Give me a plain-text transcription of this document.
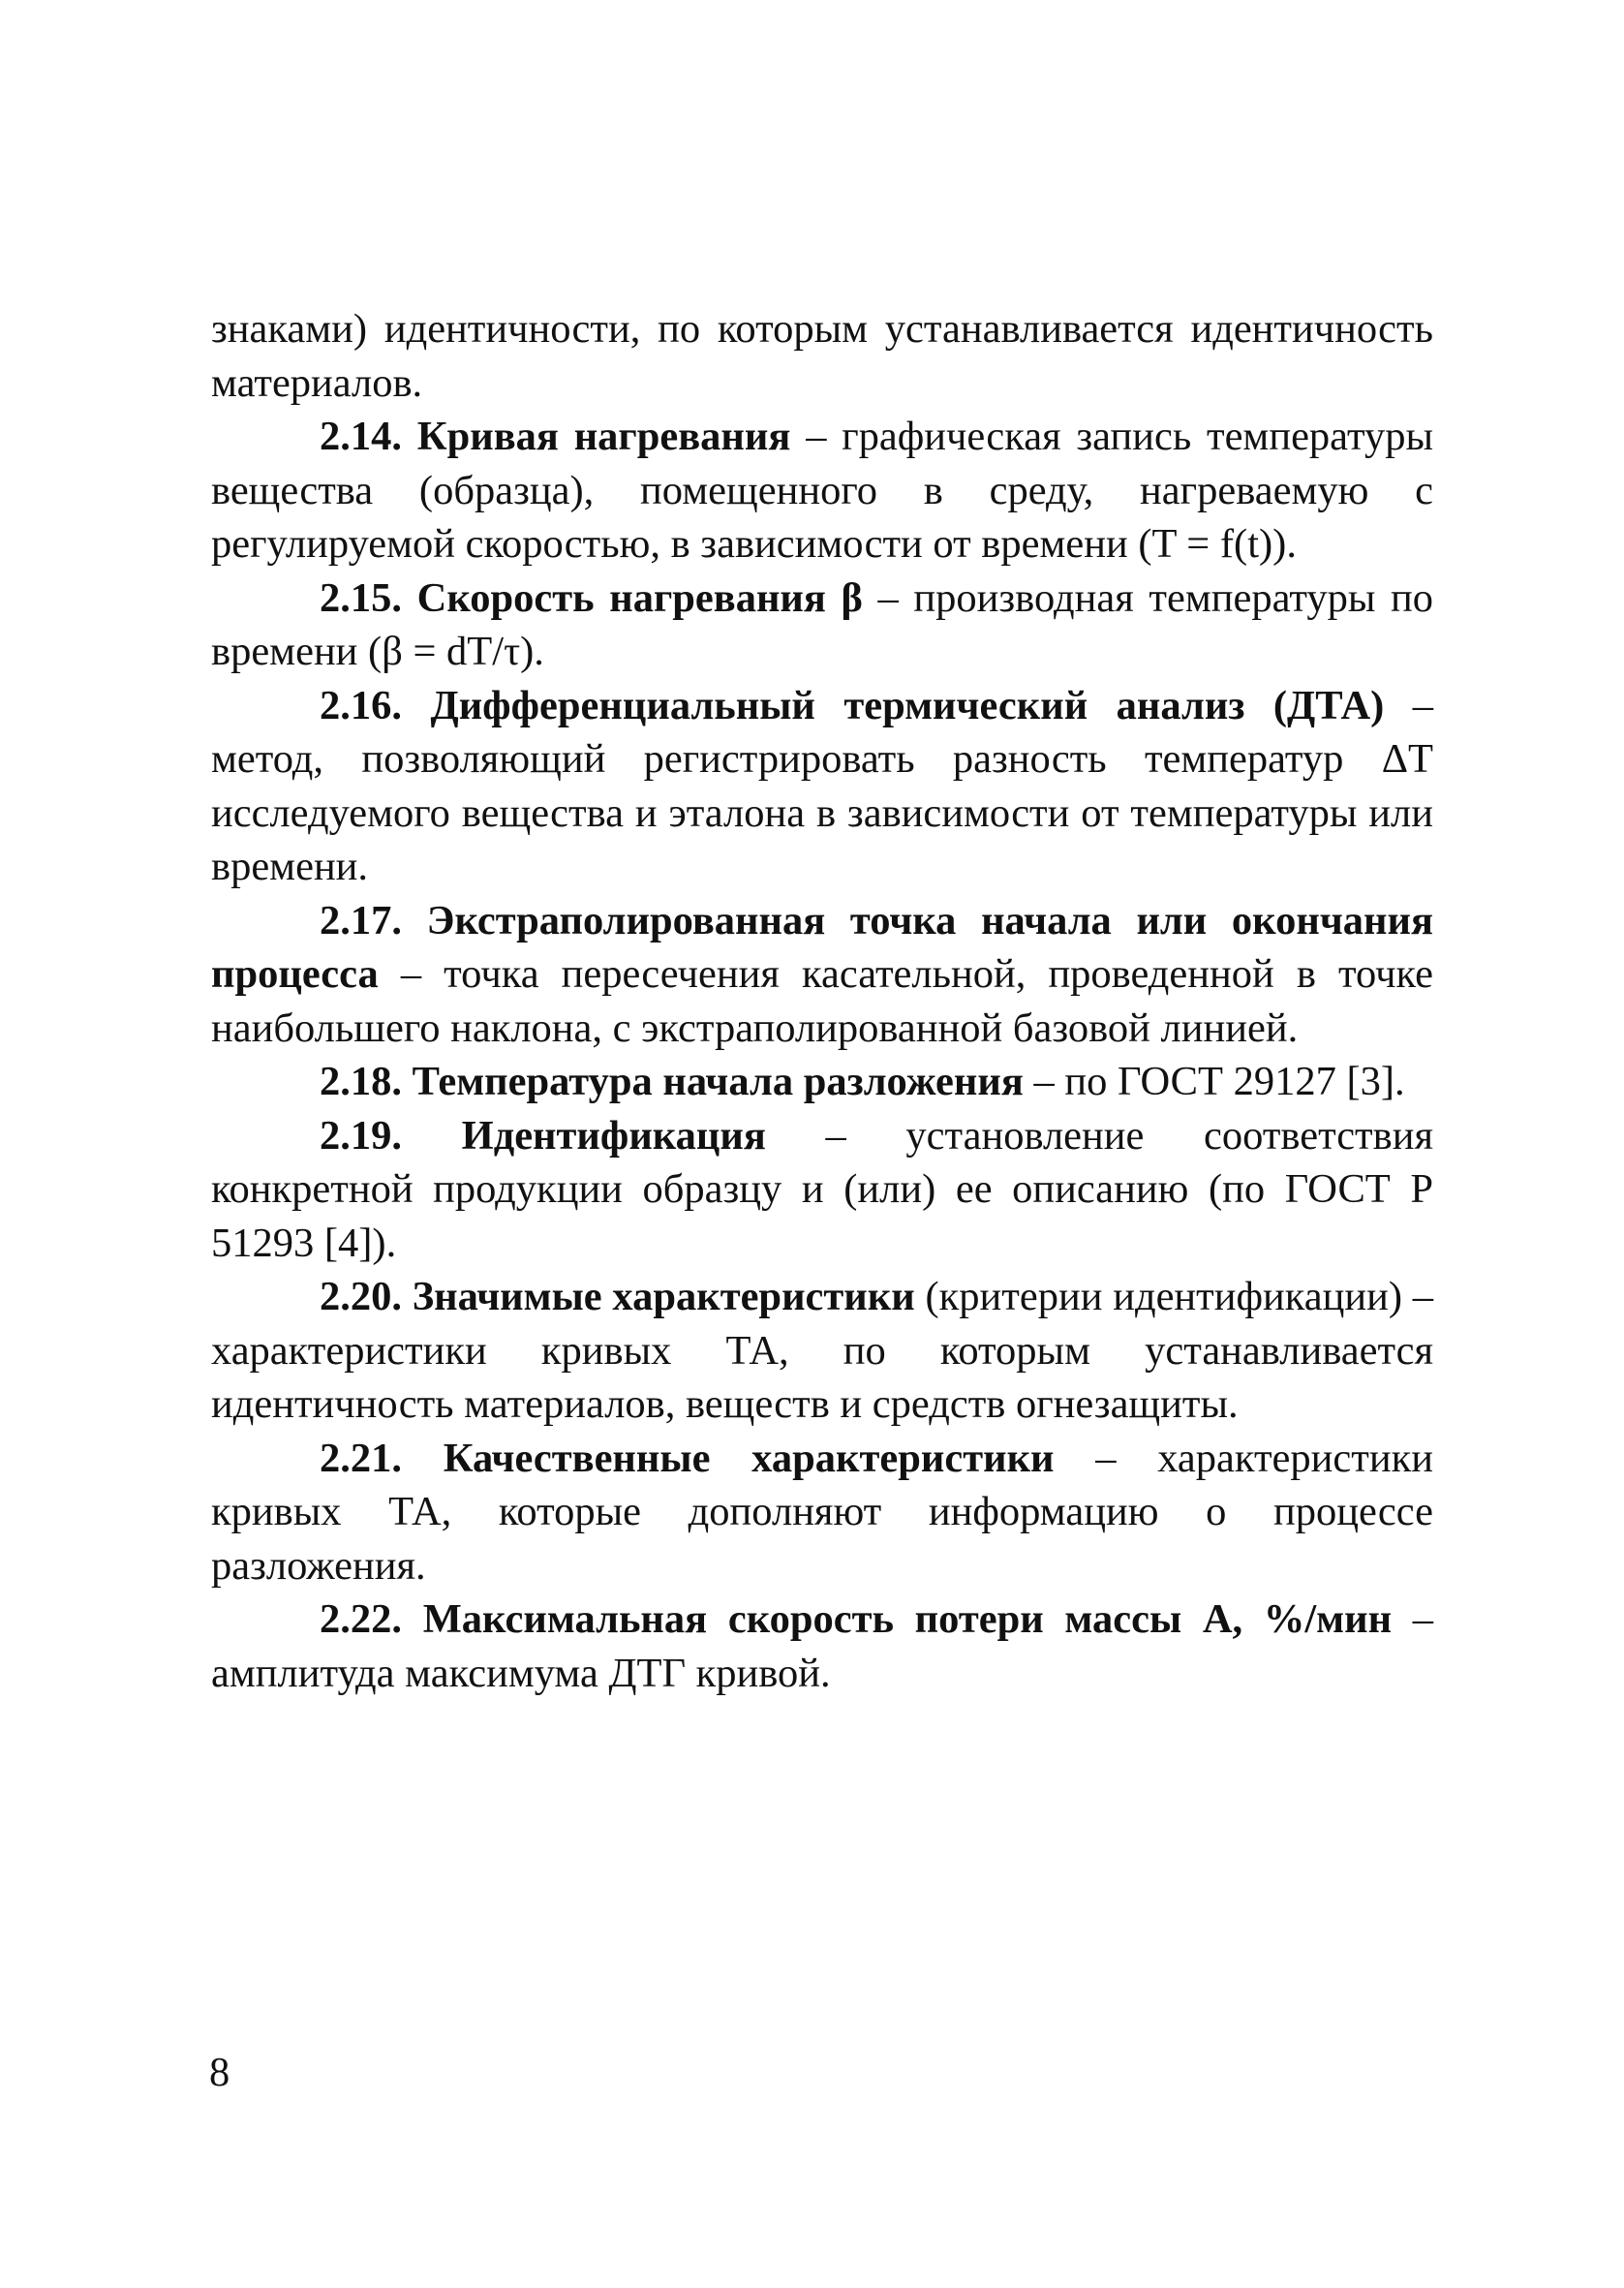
знаками) идентичности, по которым устанавливается идентичность материалов.

2.14. Кривая нагревания – графическая запись температуры вещества (образца), помещенного в среду, нагреваемую с регулируемой скоростью, в зависимости от времени (T = f(t)).

2.15. Скорость нагревания β – производная температуры по времени (β = dT/τ).

2.16. Дифференциальный термический анализ (ДТА) – метод, позволяющий регистрировать разность температур ΔT исследуемого вещества и эталона в зависимости от температуры или времени.

2.17. Экстраполированная точка начала или окончания процесса – точка пересечения касательной, проведенной в точке наибольшего наклона, с экстраполированной базовой линией.

2.18. Температура начала разложения – по ГОСТ 29127 [3].

2.19. Идентификация – установление соответствия конкретной продукции образцу и (или) ее описанию (по ГОСТ Р 51293 [4]).

2.20. Значимые характеристики (критерии идентификации) – характеристики кривых ТА, по которым устанавливается идентичность материалов, веществ и средств огнезащиты.

2.21. Качественные характеристики – характеристики кривых ТА, которые дополняют информацию о процессе разложения.

2.22. Максимальная скорость потери массы A, %/мин – амплитуда максимума ДТГ кривой.

8
